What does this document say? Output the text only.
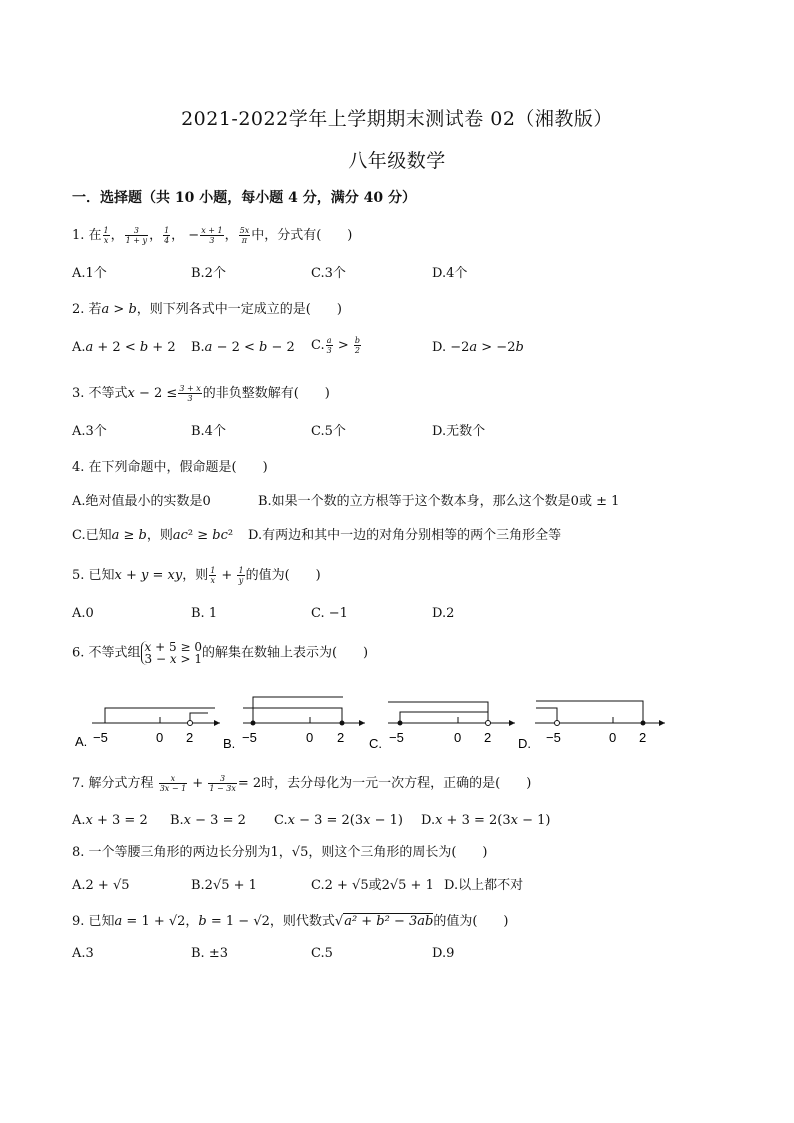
2021-2022学年上学期期末测试卷 02（湘教版）
八年级数学
一．选择题（共 10 小题，每小题 4 分，满分 40 分）
1. 在 $\frac{1}{x}$ ， $\frac{3}{1 + y}$ ， $\frac{1}{4}$ ， − $\frac{x + 1}{3}$ ， $\frac{5x}{\pi}$ 中，分式有(　　)
A.1个	B.2个	C.3个	D.4个
2. 若𝑎 > 𝑏，则下列各式中一定成立的是(　　)
A.𝑎 + 2 < 𝑏 + 2 B.𝑎 − 2 < 𝑏 − 2 C. $\frac{\text{𝑎}}{3} > \frac{\text{𝑏}}{2}$	D. −2𝑎 > −2𝑏
3. 不等式𝑥 − $2 \le \frac{\text{3 + 𝑥}}{3}$ 的非负整数解有(　　)
A.3个	B.4个	C.5个	D.无数个
4. 在下列命题中，假命题是(　　)
A.绝对值最小的实数是0	B.如果一个数的立方根等于这个数本身，那么这个数是0或 ± 1
C.已知𝑎 ≥ 𝑏，则𝑎𝑐² ≥ 𝑏𝑐² D.有两边和其中一边的对角分别相等的两个三角形全等
5. 已知𝑥 + 𝑦 = 𝑥𝑦，则 $\frac{1}{\text{𝑥}} + \frac{1}{\text{𝑦}}$ 的值为(　　)
A.0	B. 1	C. −1	D.2
6. 不等式组 𝑥 + 5 ≥ 0
3 − 𝑥 > 1 的解集在数轴上表示为(　　)
A. −5	0 2 B. −5	0 2 C. −5	0 2 D. −5	0 2
7. 解分式方程 $\frac{\text{𝑥}}{\text{3𝑥 − 1}} + \frac{3}{\text{1 − 3𝑥}} = 2$时，去分母化为一元一次方程，正确的是(　　)
A.𝑥 + 3 = 2 B.𝑥 − 3 = 2 C.𝑥 − 3 = 2(3𝑥 − 1) D.𝑥 + 3 = 2(3𝑥 − 1)
8. 一个等腰三角形的两边长分别为1，√5，则这个三角形的周长为(　　)
A.2 + √5	B.2√5 + 1	C.2 + √5或2√5 + 1 D.以上都不对
9. 已知𝑎 = 1 + √2，𝑏 = 1 − √2，则代数式√𝑎² + 𝑏² − 3𝑎𝑏的值为(　　)
A.3	B. ±3	C.5	D.9
